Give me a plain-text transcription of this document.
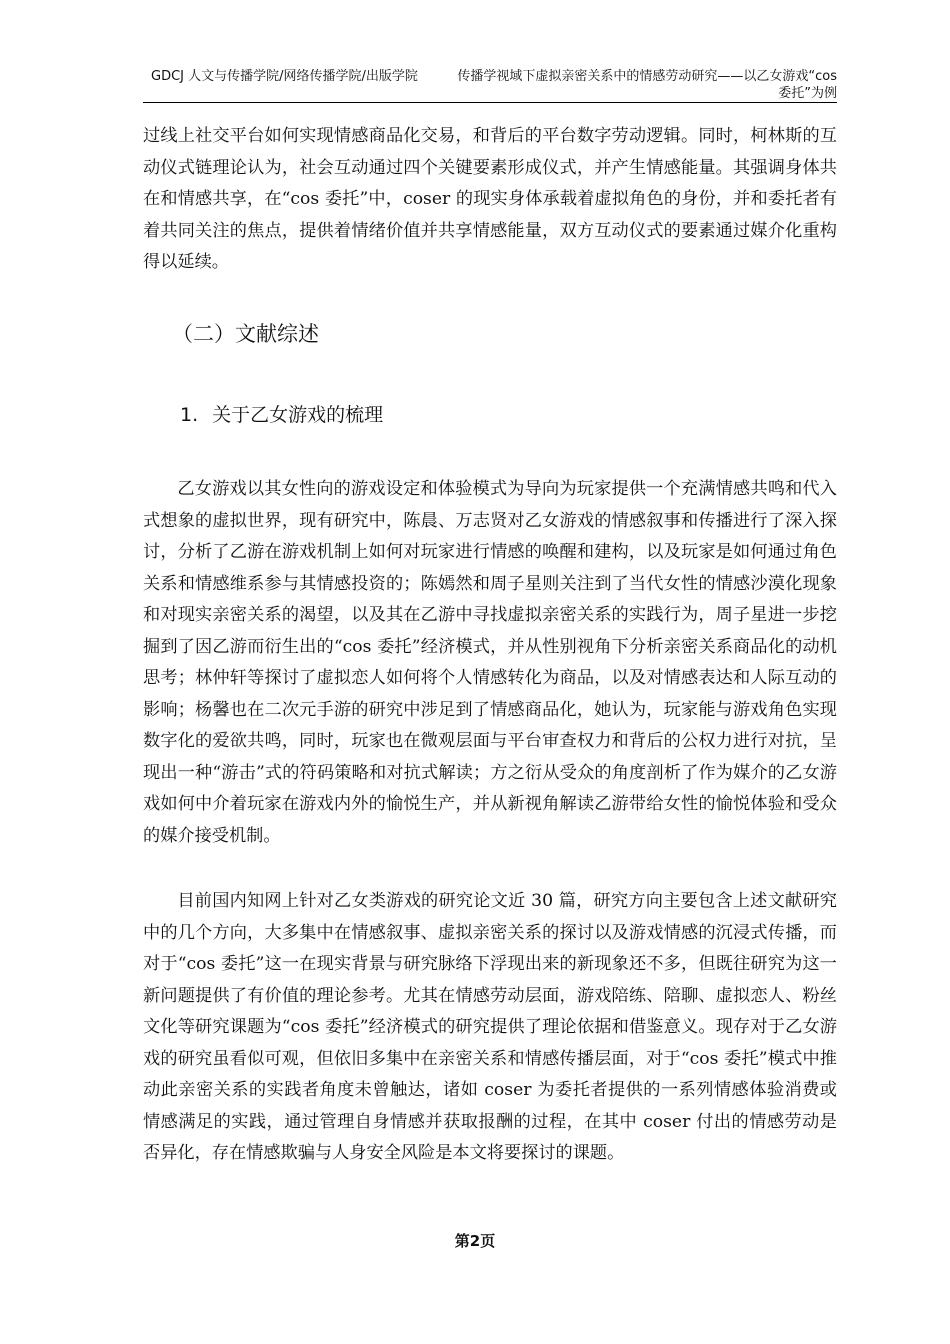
GDCJ 人文与传播学院/网络传播学院/出版学院	传播学视域下虚拟亲密关系中的情感劳动研究——以乙女游戏“cos 委托”为例

过线上社交平台如何实现情感商品化交易，和背后的平台数字劳动逻辑。同时，柯林斯的互动仪式链理论认为，社会互动通过四个关键要素形成仪式，并产生情感能量。其强调身体共在和情感共享，在“cos 委托”中，coser 的现实身体承载着虚拟角色的身份，并和委托者有着共同关注的焦点，提供着情绪价值并共享情感能量，双方互动仪式的要素通过媒介化重构得以延续。

（二）文献综述
1. 关于乙女游戏的梳理

乙女游戏以其女性向的游戏设定和体验模式为导向为玩家提供一个充满情感共鸣和代入式想象的虚拟世界，现有研究中，陈晨、万志贤对乙女游戏的情感叙事和传播进行了深入探讨，分析了乙游在游戏机制上如何对玩家进行情感的唤醒和建构，以及玩家是如何通过角色关系和情感维系参与其情感投资的；陈嫣然和周子星则关注到了当代女性的情感沙漠化现象和对现实亲密关系的渴望，以及其在乙游中寻找虚拟亲密关系的实践行为，周子星进一步挖掘到了因乙游而衍生出的“cos 委托”经济模式，并从性别视角下分析亲密关系商品化的动机思考；林仲轩等探讨了虚拟恋人如何将个人情感转化为商品，以及对情感表达和人际互动的影响；杨馨也在二次元手游的研究中涉足到了情感商品化，她认为，玩家能与游戏角色实现数字化的爱欲共鸣，同时，玩家也在微观层面与平台审查权力和背后的公权力进行对抗，呈现出一种“游击”式的符码策略和对抗式解读；方之衍从受众的角度剖析了作为媒介的乙女游戏如何中介着玩家在游戏内外的愉悦生产，并从新视角解读乙游带给女性的愉悦体验和受众的媒介接受机制。

目前国内知网上针对乙女类游戏的研究论文近 30 篇，研究方向主要包含上述文献研究中的几个方向，大多集中在情感叙事、虚拟亲密关系的探讨以及游戏情感的沉浸式传播，而对于“cos 委托”这一在现实背景与研究脉络下浮现出来的新现象还不多，但既往研究为这一新问题提供了有价值的理论参考。尤其在情感劳动层面，游戏陪练、陪聊、虚拟恋人、粉丝文化等研究课题为“cos 委托”经济模式的研究提供了理论依据和借鉴意义。现存对于乙女游戏的研究虽看似可观，但依旧多集中在亲密关系和情感传播层面，对于“cos 委托”模式中推动此亲密关系的实践者角度未曾触达，诸如 coser 为委托者提供的一系列情感体验消费或情感满足的实践，通过管理自身情感并获取报酬的过程，在其中 coser 付出的情感劳动是否异化，存在情感欺骗与人身安全风险是本文将要探讨的课题。

第2页
